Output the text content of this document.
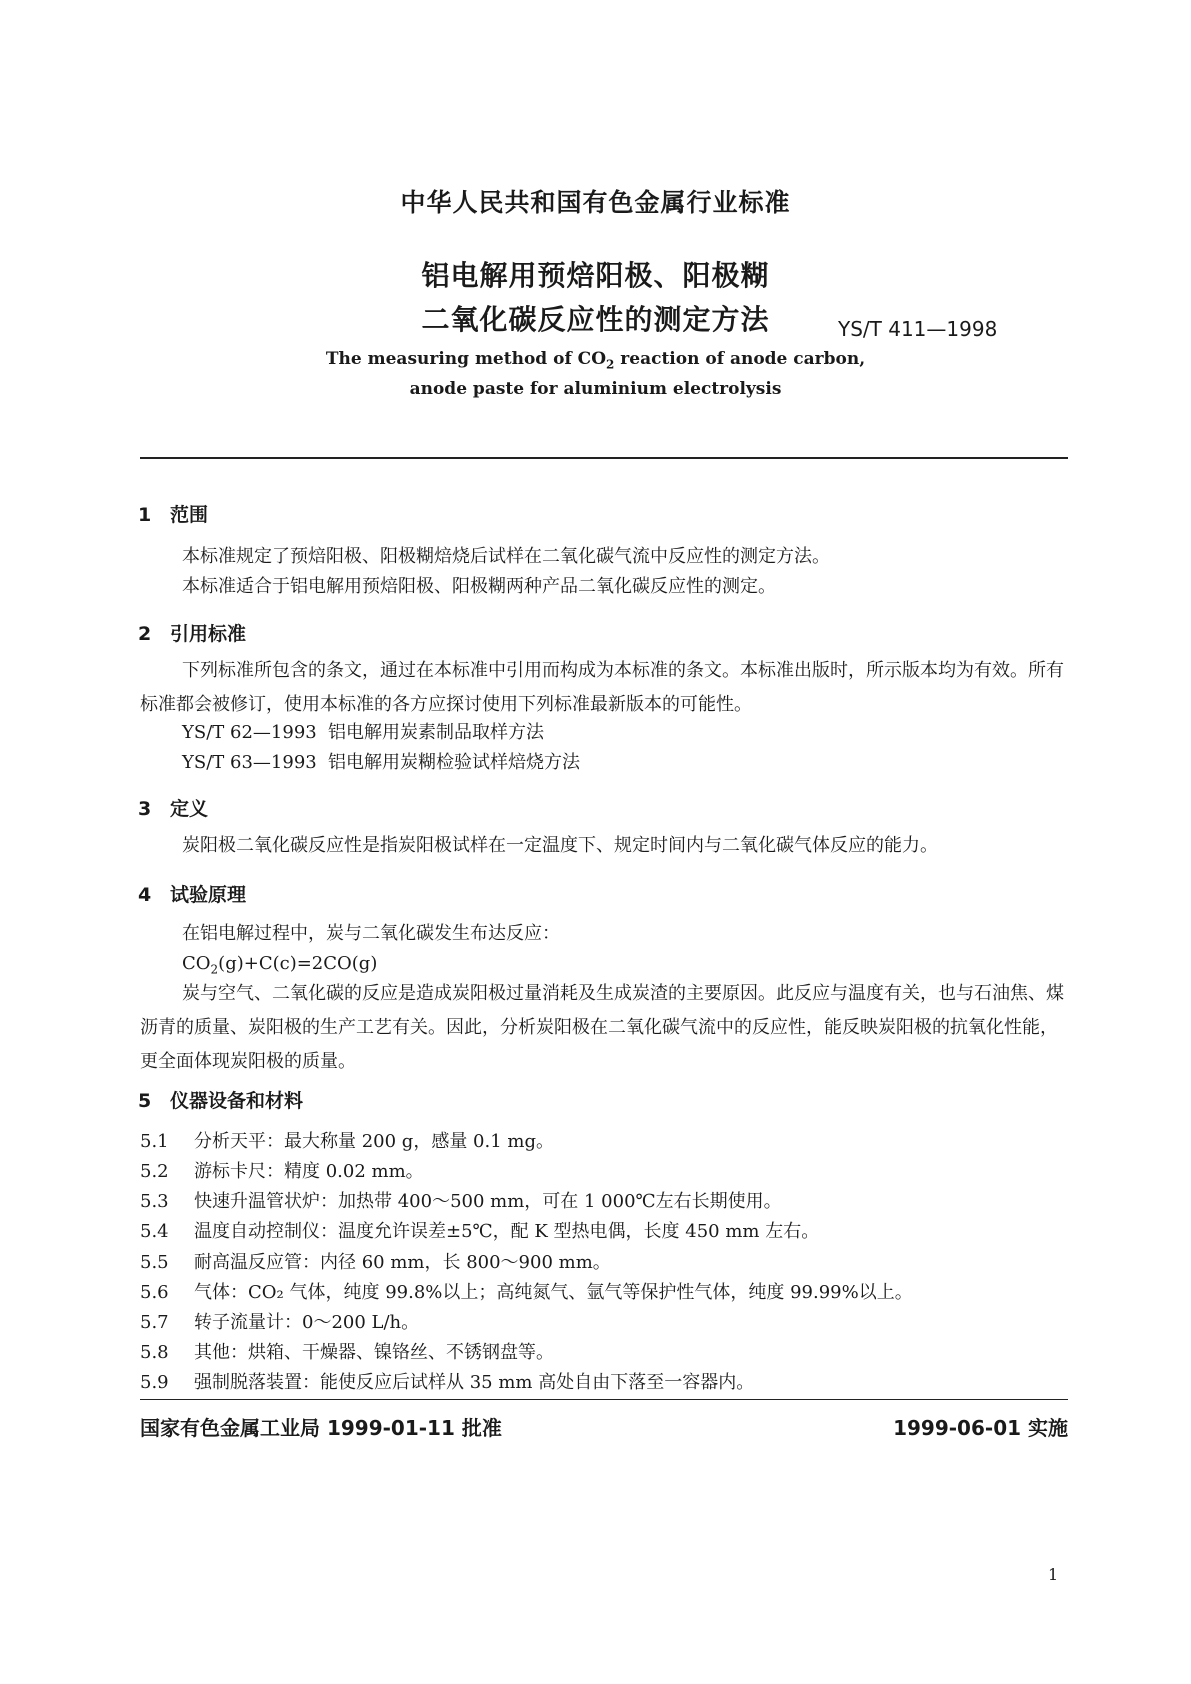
中华人民共和国有色金属行业标准
铝电解用预焙阳极、阳极糊
二氧化碳反应性的测定方法	YS/T 411—1998
The measuring method of $CO_2$ reaction of anode carbon,
anode paste for aluminium electrolysis
1 范围
本标准规定了预焙阳极、阳极糊焙烧后试样在二氧化碳气流中反应性的测定方法。
本标准适合于铝电解用预焙阳极、阳极糊两种产品二氧化碳反应性的测定。
2 引用标准
下列标准所包含的条文，通过在本标准中引用而构成为本标准的条文。本标准出版时，所示版本均为有效。所有标准都会被修订，使用本标准的各方应探讨使用下列标准最新版本的可能性。
YS/T 62—1993 铝电解用炭素制品取样方法
YS/T 63—1993 铝电解用炭糊检验试样焙烧方法
3 定义
炭阳极二氧化碳反应性是指炭阳极试样在一定温度下、规定时间内与二氧化碳气体反应的能力。
4 试验原理
在铝电解过程中，炭与二氧化碳发生布达反应：
$CO_2(g)+C(c)=2CO(g)$
炭与空气、二氧化碳的反应是造成炭阳极过量消耗及生成炭渣的主要原因。此反应与温度有关，也与石油焦、煤沥青的质量、炭阳极的生产工艺有关。因此，分析炭阳极在二氧化碳气流中的反应性，能反映炭阳极的抗氧化性能，更全面体现炭阳极的质量。
5 仪器设备和材料
5.1 分析天平：最大称量 200 g，感量 0.1 mg。
5.2 游标卡尺：精度 0.02 mm。
5.3 快速升温管状炉：加热带 400～500 mm，可在 1 000℃左右长期使用。
5.4 温度自动控制仪：温度允许误差±5℃，配 K 型热电偶，长度 450 mm 左右。
5.5 耐高温反应管：内径 60 mm，长 800～900 mm。
5.6 气体：CO₂ 气体，纯度 99.8%以上；高纯氮气、氩气等保护性气体，纯度 99.99%以上。
5.7 转子流量计：0～200 L/h。
5.8 其他：烘箱、干燥器、镍铬丝、不锈钢盘等。
5.9 强制脱落装置：能使反应后试样从 35 mm 高处自由下落至一容器内。
国家有色金属工业局 1999-01-11 批准	1999-06-01 实施
1
